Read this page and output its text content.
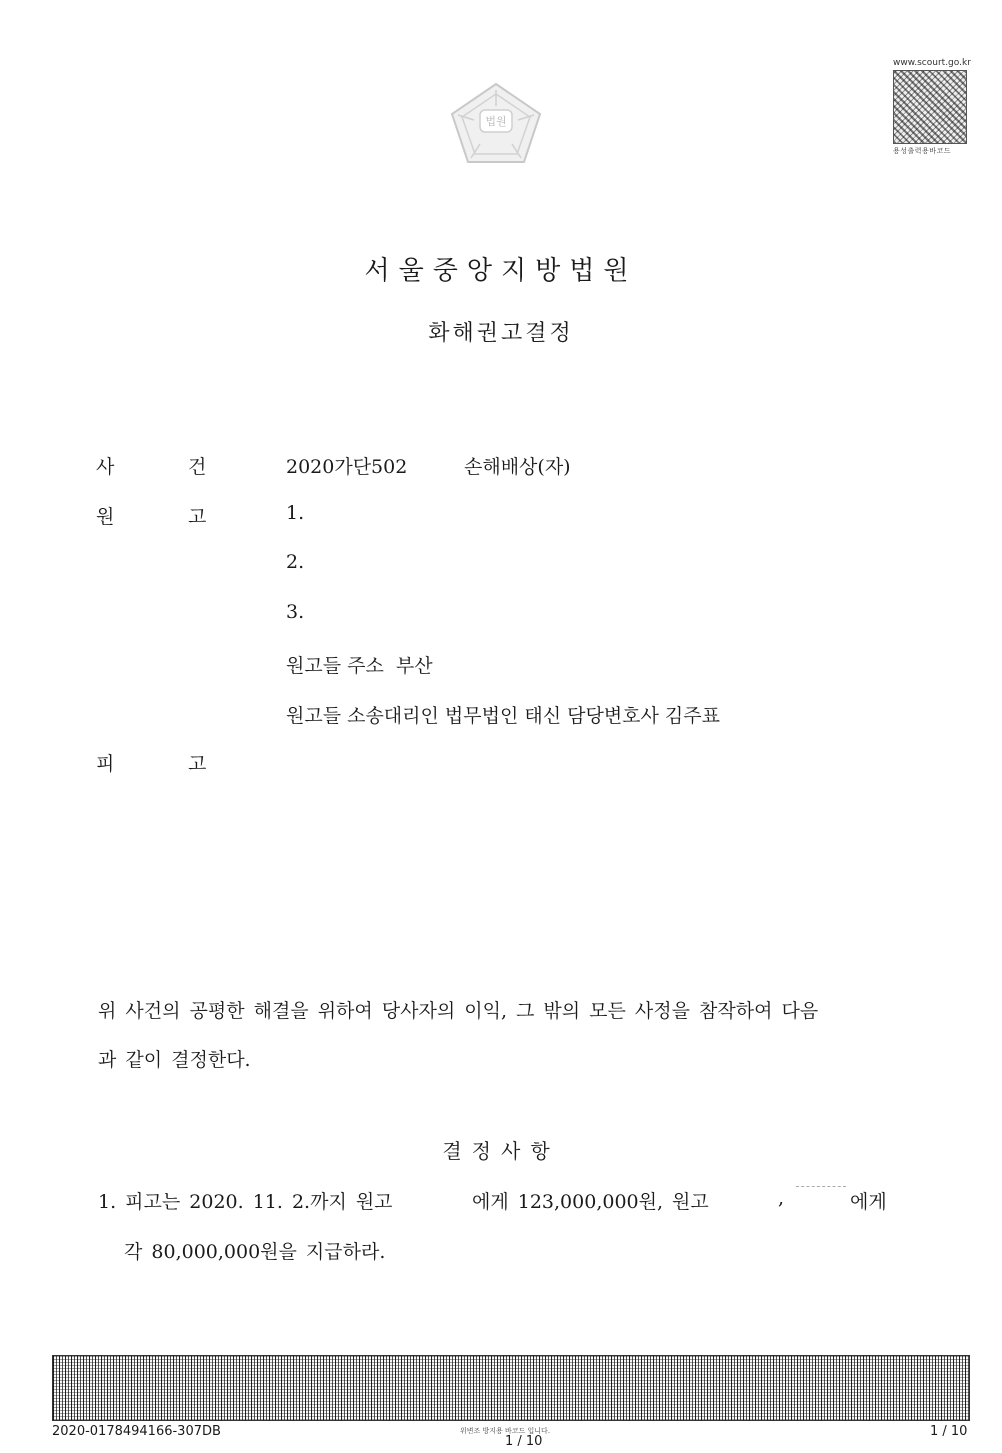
법원
www.scourt.go.kr
용성출력용바코드
서울중앙지방법원
화해권고결정
사	건	2020가단502	손해배상(자)
원	고	1.
2.
3.
원고들 주소  부산
원고들 소송대리인 법무법인 태신 담당변호사 김주표
피	고
위 사건의 공평한 해결을 위하여 당사자의 이익, 그 밖의 모든 사정을 참작하여 다음
과 같이 결정한다.
결정사항
1. 피고는 2020. 11. 2.까지 원고	에게 123,000,000원, 원고	,	에게
각 80,000,000원을 지급하라.
2020-0178494166-307DB	위변조 방지용 바코드 입니다.
1 / 10
1 / 10
